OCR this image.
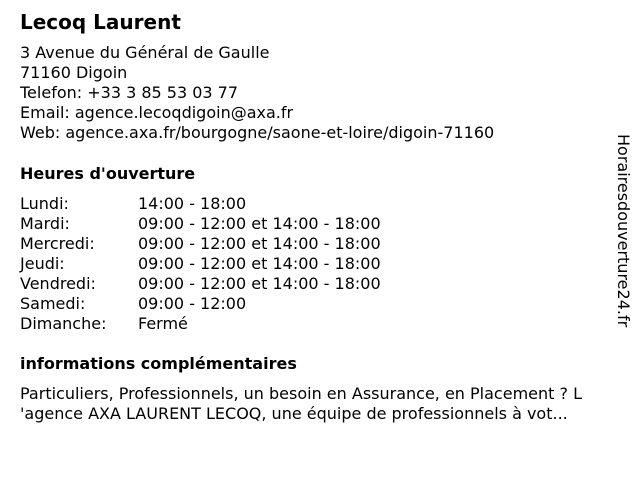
Lecoq Laurent
3 Avenue du Général de Gaulle
71160 Digoin
Telefon: +33 3 85 53 03 77
Email: agence.lecoqdigoin@axa.fr
Web: agence.axa.fr/bourgogne/saone-et-loire/digoin-71160
Heures d'ouverture
Lundi:	14:00 - 18:00
Mardi:	09:00 - 12:00 et 14:00 - 18:00
Mercredi:	09:00 - 12:00 et 14:00 - 18:00
Jeudi:	09:00 - 12:00 et 14:00 - 18:00
Vendredi:	09:00 - 12:00 et 14:00 - 18:00
Samedi:	09:00 - 12:00
Dimanche: Fermé
informations complémentaires
Particuliers, Professionnels, un besoin en Assurance, en Placement ? L
'agence AXA LAURENT LECOQ, une équipe de professionnels à vot...
Horairesdouverture24.fr
